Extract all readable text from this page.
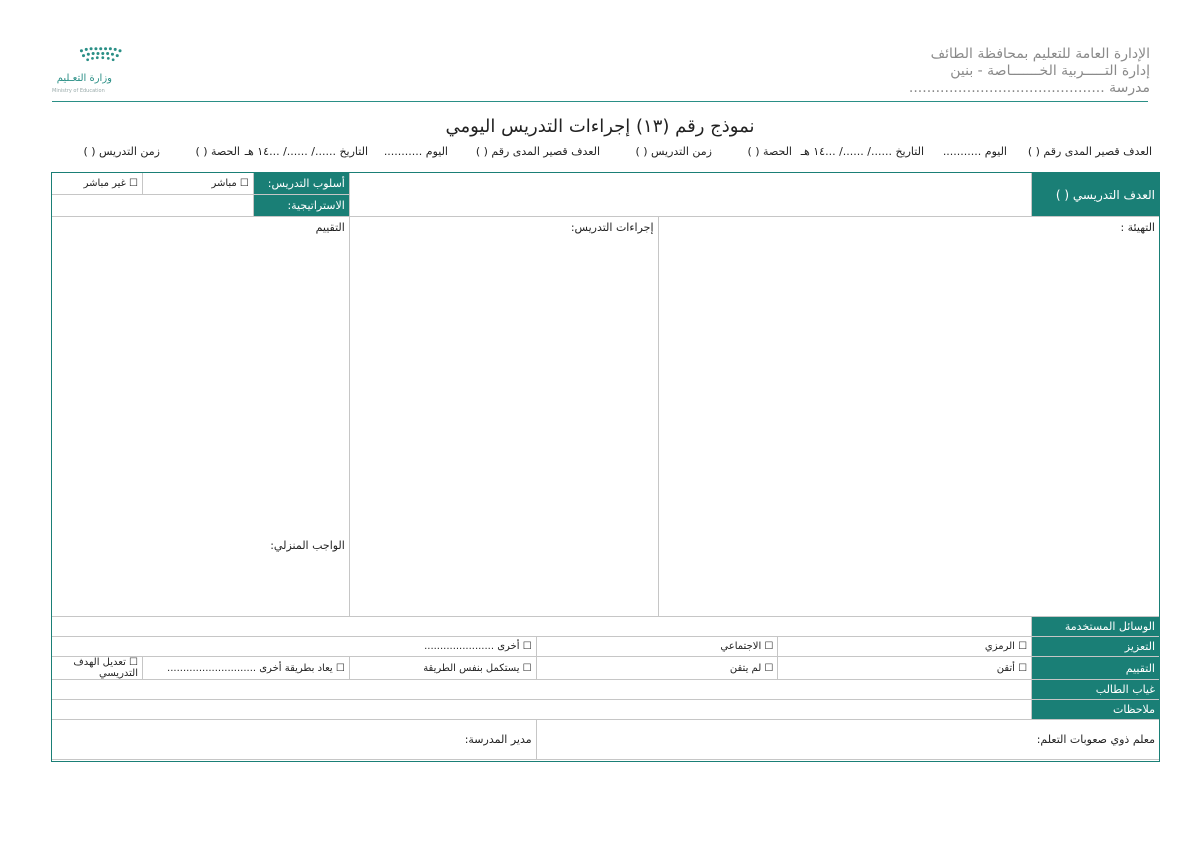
الإدارة العامة للتعليم بمحافظة الطائف
إدارة التـــــربية الخـــــــاصة - بنين
مدرسة ............................................
وزارة التعـليم
Ministry of Education
نموذج رقم (١٣) إجراءات التدريس اليومي
العدف قصير المدى رقم ( )
اليوم ...........
التاريخ ....../ ....../ ...١٤ هـ
الحصة ( )
زمن التدريس ( )
العدف قصير المدى رقم ( )
اليوم ...........
التاريخ ....../ ....../ ...١٤ هـ
الحصة ( )
زمن التدريس ( )
العدف التدريسي ( )					أسلوب التدريس:	☐ مباشر	☐ غير مباشر
					الاستراتيجية:		
التهيئة :			إجراءات التدريس:		التقييم
الواجب المنزلي:		

الوسائل المستخدمة							
التعزيز	☐ الرمزي	☐ الاجتماعي		☐ أخرى ......................			
التقييم	☐ أتقن	☐ لم يتقن		☐ يستكمل بنفس الطريقة	☐ يعاد بطريقة أخرى ............................		☐ تعديل الهدف التدريسي
غياب الطالب							
ملاحظات							
معلم ذوي صعوبات التعلم:				مدير المدرسة:			
